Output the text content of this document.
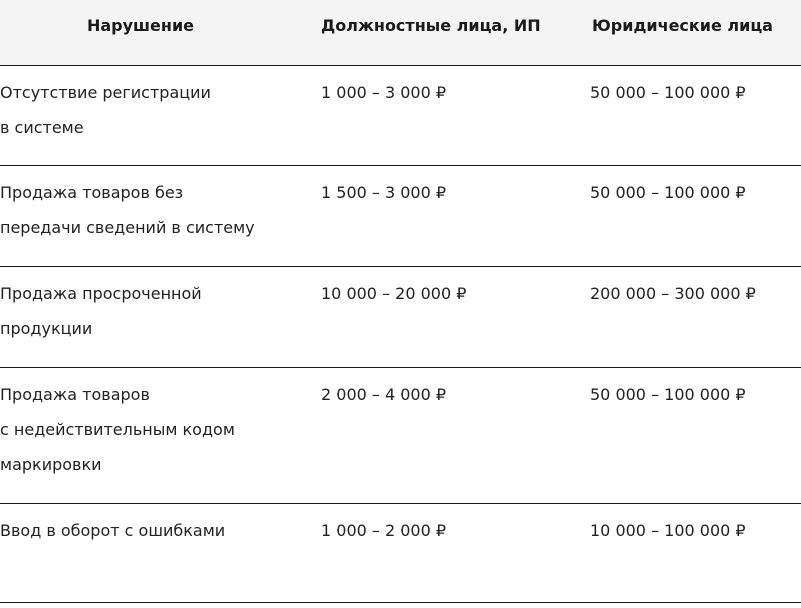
Нарушение	Должностные лица, ИП	Юридические лица
Отсутствие регистрации
в системе
1 000 – 3 000 ₽	50 000 – 100 000 ₽
Продажа товаров без
передачи сведений в систему
1 500 – 3 000 ₽	50 000 – 100 000 ₽
Продажа просроченной
продукции
10 000 – 20 000 ₽	200 000 – 300 000 ₽
Продажа товаров
с недействительным кодом
маркировки
2 000 – 4 000 ₽	50 000 – 100 000 ₽
Ввод в оборот с ошибками	1 000 – 2 000 ₽	10 000 – 100 000 ₽
